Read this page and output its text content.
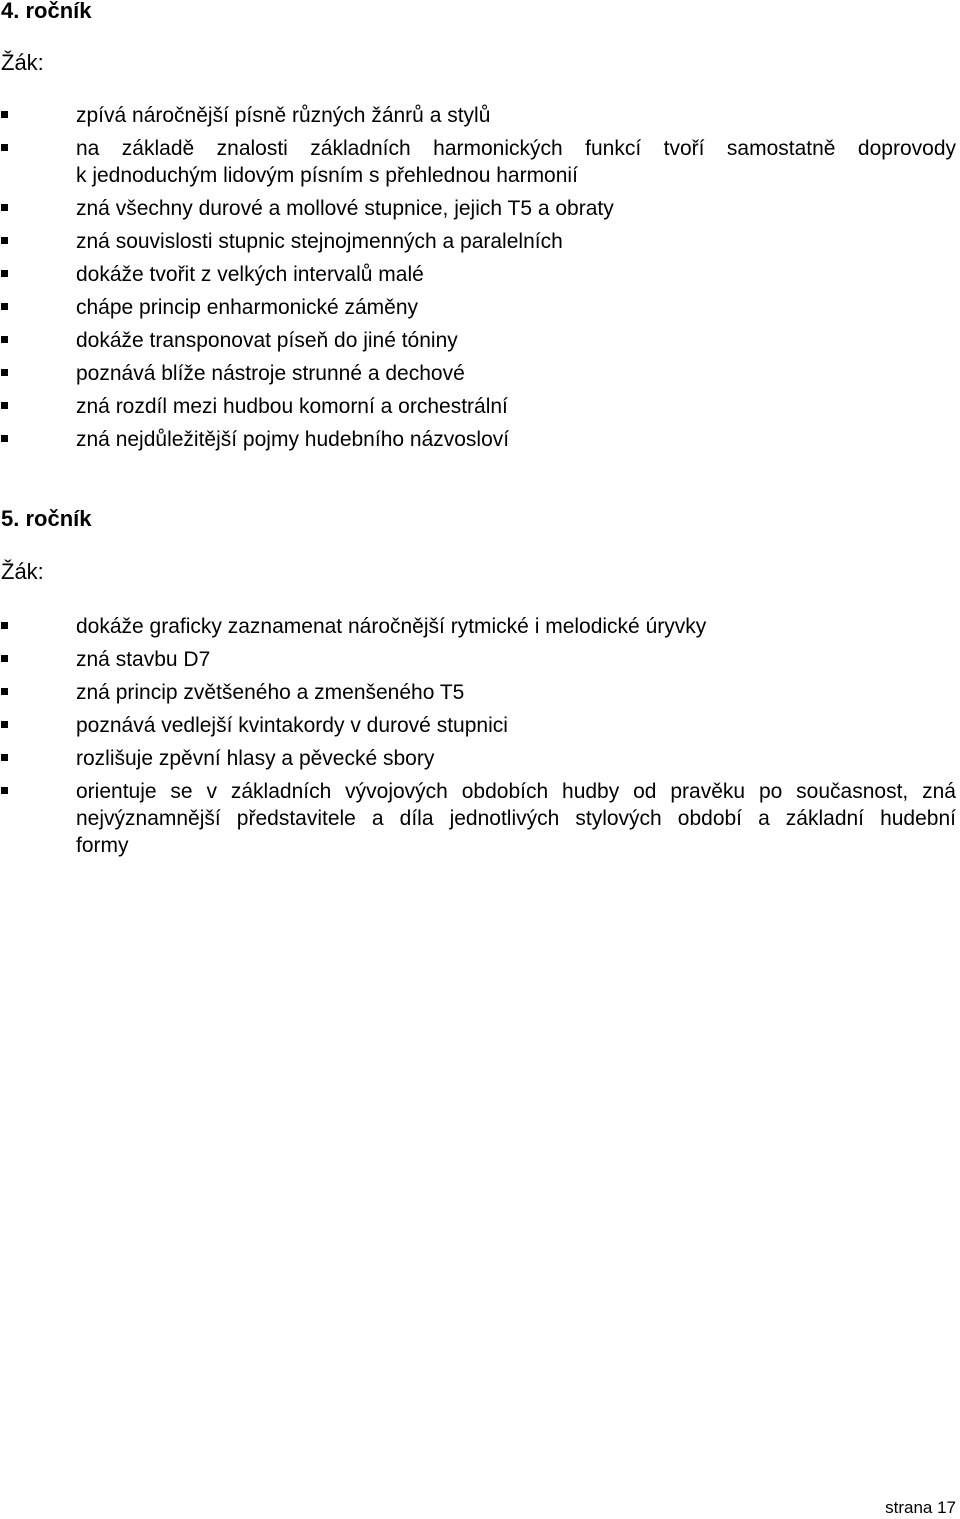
4. ročník
Žák:
zpívá náročnější písně různých žánrů a stylů
na základě znalosti základních harmonických funkcí tvoří samostatně doprovody
k jednoduchým lidovým písním s přehlednou harmonií
zná všechny durové a mollové stupnice, jejich T5 a obraty
zná souvislosti stupnic stejnojmenných a paralelních
dokáže tvořit z velkých intervalů malé
chápe princip enharmonické záměny
dokáže transponovat píseň do jiné tóniny
poznává blíže nástroje strunné a dechové
zná rozdíl mezi hudbou komorní a orchestrální
zná nejdůležitější pojmy hudebního názvosloví
5. ročník
Žák:
dokáže graficky zaznamenat náročnější rytmické i melodické úryvky
zná stavbu D7
zná princip zvětšeného a zmenšeného T5
poznává vedlejší kvintakordy v durové stupnici
rozlišuje zpěvní hlasy a pěvecké sbory
orientuje se v základních vývojových obdobích hudby od pravěku po současnost, zná
nejvýznamnější představitele a díla jednotlivých stylových období a základní hudební
formy
strana 17
